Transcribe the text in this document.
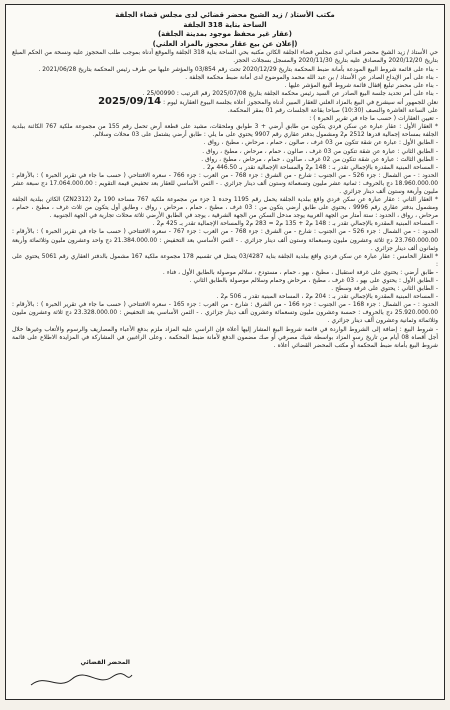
مكتب الأستاذ / زيد الشيخ محضر قضائي لدى مجلس قضاء الجلفة

الساحة بناية 318 الجلفة

(عقار غير محفظ موجود بمدينة الجلفة)

(إعلان عن بيع عقار محجوز بالمزاد العلني)

حي الأستاذ / زيد الشيخ محضر قضائي لدى مجلس قضاء الجلفة الكائن مكتبه بحي الساحة بناية 318 الجلفة والموقع أدناه بموجب طلب المحجوز عليه ونسخة من الحكم المبلغ بتاريخ 2020/12/20 والمصادق عليه بتاريخ 2020/11/30 والمسجل بسجلات الحجز.

- بناء على قائمة شروط البيع المودعة بأمانة ضبط المحكمة بتاريخ 2020/12/29 تحت رقم 03/854 والمؤشر عليها من طرف رئيس المحكمة بتاريخ 2021/06/28 .

- بناء على أمر الإيداع الصادر عن الأستاذ / بن عبد الله محمد والموضوع لدى أمانة ضبط محكمة الجلفة .

- بناء على محضر تبليغ إقفال قائمة شروط البيع المؤشر عليها .

- بناء على أمر تحديد جلسة البيع الصادر عن السيد رئيس محكمة الجلفة بتاريخ 2025/07/08 رقم الترتيب : 25/00990 .

نعلن للجمهور أنه سيشرع في البيع بالمزاد العلني للعقار المبين أدناه والمحجوز أعلاه بجلسة البيوع العقارية ليوم : 2025/09/14

على الساعة العاشرة والنصف (10:30) صباحا بقاعة الجلسات رقم 01 بمقر المحكمة.

- تعيين العقارات ( حسب ما جاء في تقرير الخبرة ) :

* العقار الأول : عقار عبارة عن سكن فردي يتكون من طابق أرضي + 3 طوابق وملحقات، مشيد على قطعة أرض تحمل رقم 155 من مجموعة ملكية 767 الكائنة ببلدية الجلفة بمساحة إجمالية قدرها 2512 م2 ومشمول بدفتر عقاري رقم 9907 يحتوي على ما يلي : طابق أرضي يشتمل على 03 محلات وسلالم.

- الطابق الأول : عبارة عن شقة تتكون من 03 غرف ، صالون ، حمام ، مرحاض ، مطبخ ، رواق .

- الطابق الثاني : عبارة عن شقة تتكون من 03 غرف ، صالون ، حمام ، مرحاض ، مطبخ ، رواق .

- الطابق الثالث : عبارة عن شقة تتكون من 02 غرف ، صالون ، حمام ، مرحاض ، مطبخ ، رواق .

- المساحة المبنية المقدرة بالإجمالي تقدر بـ : 148 م2 والمساحة الإجمالية تقدر بـ 446.50 م2 .

الحدود : - من الشمال : جزء 526 - من الجنوب : شارع - من الشرق : جزء 768 - من الغرب : جزء 766 - سعره الافتتاحي ( حسب ما جاء في تقرير الخبرة ) : بالأرقام : 18.960.000.00 دج بالحروف : ثمانية عشر مليون وتسعمائة وستون ألف دينار جزائري . - الثمن الأساسي للعقار بعد تخفيض قيمة التقويم : 17.064.000.00 دج سبعة عشر مليون وأربعة وستون ألف دينار جزائري .

* العقار الثاني : عقار عبارة عن سكن فردي واقع ببلدية الجلفة يحمل رقم 1195 وحدة 1 جزء من مجموعة ملكية 767 مساحة 190 م2 (ZN2312) الكائن ببلدية الجلفة ومشمول بدفتر عقاري رقم 9996 ، يحتوي على طابق أرضي يتكون من : 03 غرف ، مطبخ ، حمام ، مرحاض ، رواق ، وطابق أول يتكون من ثلاث غرف ، مطبخ ، حمام ، مرحاض ، رواق ، الحدود : ستة أمتار من الجهة الغربية يوجد مدخل السكن من الجهة الشرقية ، يوجد في الطابق الأرضي ثلاثة محلات تجارية في الجهة الجنوبية .

- المساحة المبنية المقدرة بالإجمالي تقدر بـ : 148 م2 + 135 م2 = 283 م2 والمساحة الإجمالية تقدر بـ 425 م2 .

الحدود : - من الشمال : جزء 526 - من الجنوب : شارع - من الشرق : جزء 768 - من الغرب : جزء 767 - سعره الافتتاحي ( حسب ما جاء في تقرير الخبرة ) : بالأرقام : 23.760.000.00 دج ثلاثة وعشرون مليون وسبعمائة وستون ألف دينار جزائري . - الثمن الأساسي بعد التخفيض : 21.384.000.00 دج واحد وعشرون مليون وثلاثمائة وأربعة وثمانون ألف دينار جزائري .

* العقار الخامس : عقار عبارة عن سكن فردي واقع ببلدية الجلفة بناية 03/4287 يتمثل في تقسيم 178 مجموعة ملكية 167 مشمول بالدفتر العقاري رقم 5061 يحتوي على :

- طابق أرضي : يحتوي على غرفة استقبال ، مطبخ ، بهو ، حمام ، مستودع ، سلالم موصولة بالطابق الأول ، فناء .

- الطابق الأول : يحتوي على بهو ، 03 غرف ، مطبخ ، مرحاض وحمام وسلالم موصولة بالطابق الثاني .

- الطابق الثاني : يحتوي على غرفة وسطح .

- المساحة المبنية المقدرة بالإجمالي تقدر بـ : 204 م2 ، المساحة المبنية تقدر بـ 506 م2 .

الحدود : - من الشمال : جزء 168 - من الجنوب : جزء 166 - من الشرق : شارع - من الغرب : جزء 165 - سعره الافتتاحي ( حسب ما جاء في تقرير الخبرة ) : بالأرقام : 25.920.000.00 دج بالحروف : خمسة وعشرون مليون وتسعمائة وعشرون ألف دينار جزائري . - الثمن الأساسي بعد التخفيض : 23.328.000.00 دج ثلاثة وعشرون مليون وثلاثمائة وثمانية وعشرون ألف دينار جزائري .

- شروط البيع : إضافة إلى الشروط الواردة في قائمة شروط البيع المشار إليها أعلاه فإن الراسي عليه المزاد ملزم بدفع الأعباء والمصاريف والرسوم والأتعاب وغيرها خلال أجل أقصاه 08 أيام من تاريخ رسو المزاد بواسطة شيك مصرفي أو صك مضمون الدفع لأمانة ضبط المحكمة ، وعلى الراغبين في المشاركة في المزايدة الاطلاع على قائمة شروط البيع بأمانة ضبط المحكمة أو مكتب المحضر القضائي أعلاه .

المحضر القضائي
